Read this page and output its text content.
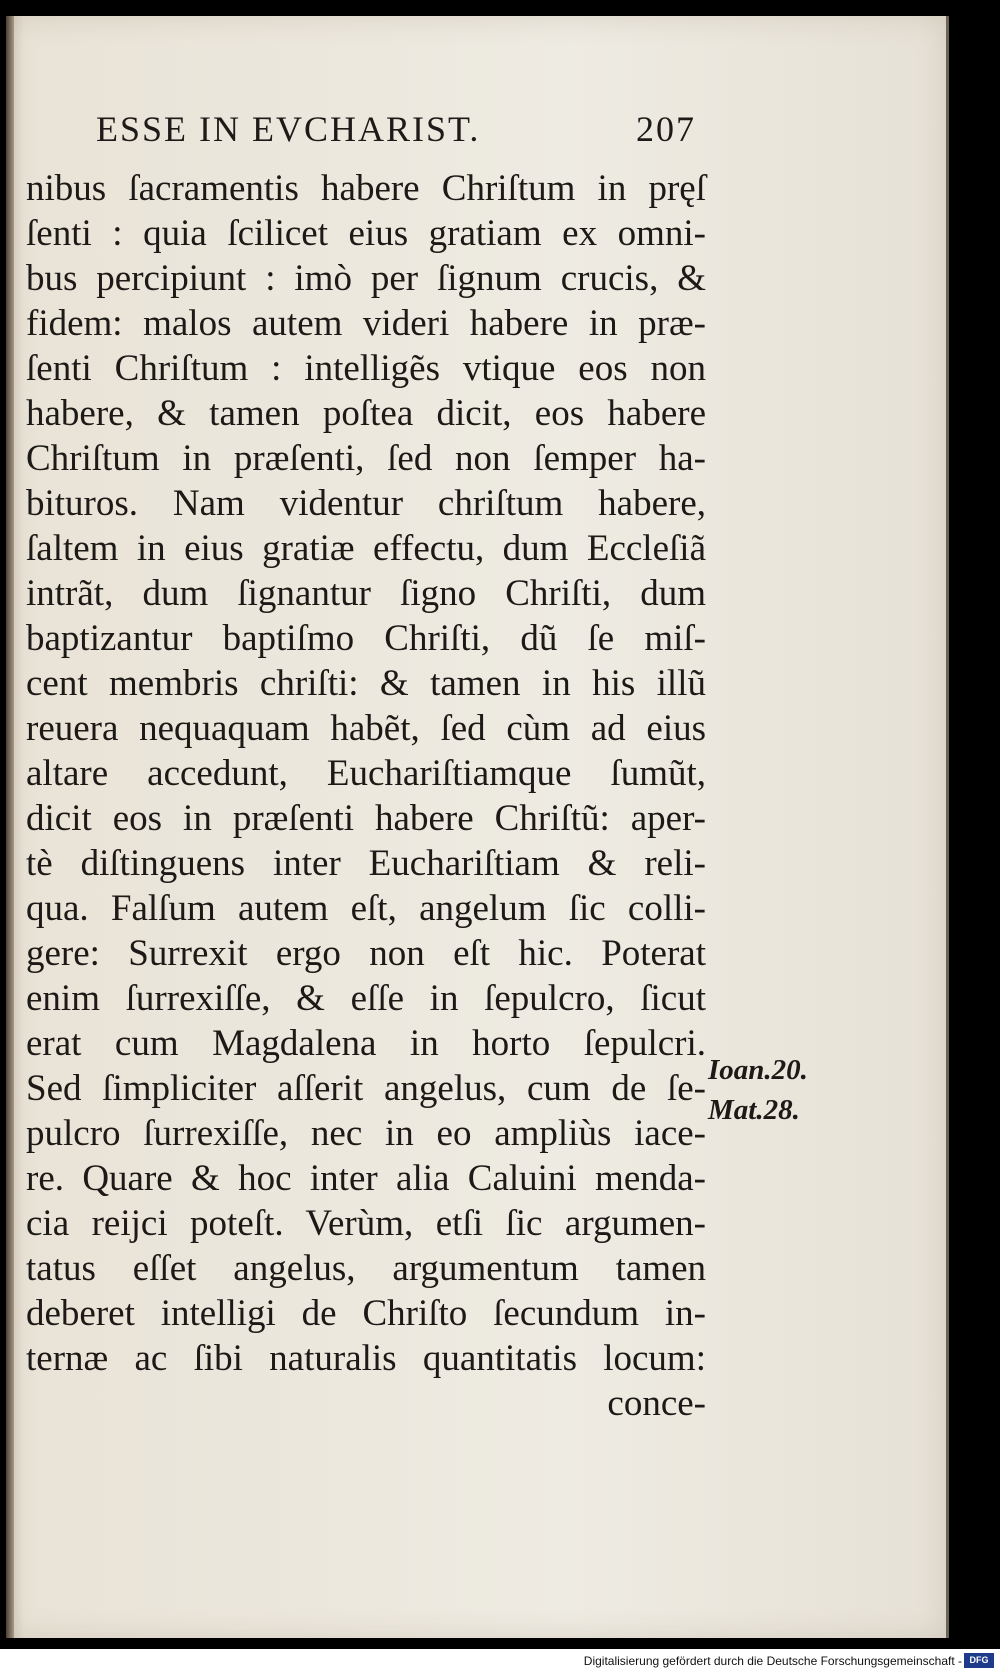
ESSE IN EVCHARIST.	207
nibus ſacramentis habere Chriſtum in pręſ
ſenti : quia ſcilicet eius gratiam ex omni-
bus percipiunt : imò per ſignum crucis, &
fidem: malos autem videri habere in præ-
ſenti Chriſtum : intelligẽs vtique eos non
habere, & tamen poſtea dicit, eos habere
Chriſtum in præſenti, ſed non ſemper ha-
bituros. Nam videntur chriſtum habere,
ſaltem in eius gratiæ effectu, dum Eccleſiã
intrãt, dum ſignantur ſigno Chriſti, dum
baptizantur baptiſmo Chriſti, dũ ſe miſ-
cent membris chriſti: & tamen in his illũ
reuera nequaquam habẽt, ſed cùm ad eius
altare accedunt, Euchariſtiamque ſumũt,
dicit eos in præſenti habere Chriſtũ: aper-
tè diſtinguens inter Euchariſtiam & reli-
qua. Falſum autem eſt, angelum ſic colli-
gere: Surrexit ergo non eſt hic. Poterat
enim ſurrexiſſe, & eſſe in ſepulcro, ſicut
erat cum Magdalena in horto ſepulcri.
Sed ſimpliciter aſſerit angelus, cum de ſe-
pulcro ſurrexiſſe, nec in eo ampliùs iace-
re. Quare & hoc inter alia Caluini menda-
cia reijci poteſt. Verùm, etſi ſic argumen-
tatus eſſet angelus, argumentum tamen
deberet intelligi de Chriſto ſecundum in-
ternæ ac ſibi naturalis quantitatis locum:
conce-
Ioan.20.
Mat.28.
Digitalisierung gefördert durch die Deutsche Forschungsgemeinschaft - DFG
